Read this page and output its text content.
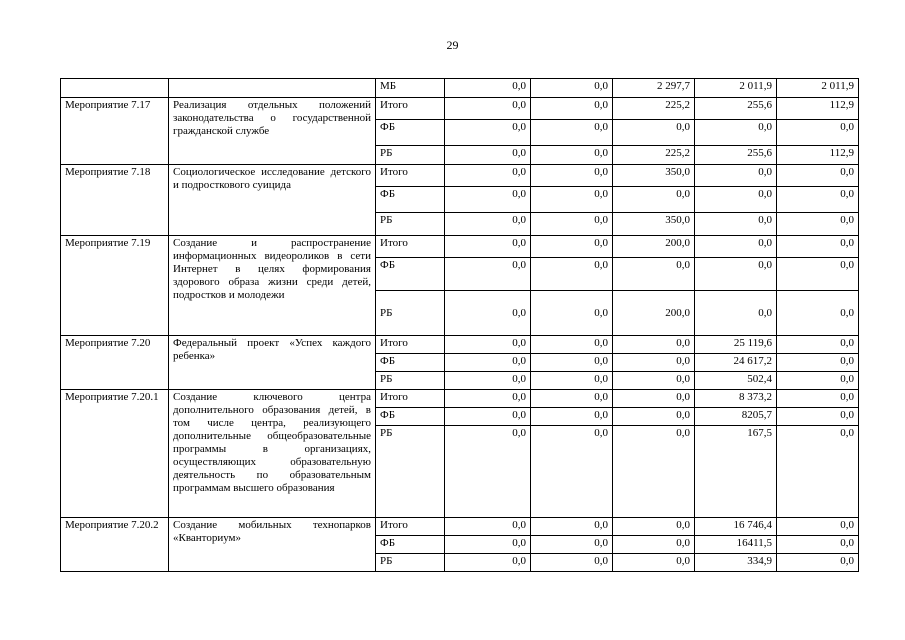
29
		МБ	0,0	0,0	2 297,7	2 011,9	2 011,9
Мероприятие 7.17	Реализация отдельных положений законодательства о государственной гражданской службе	Итого	0,0	0,0	225,2	255,6	112,9
		ФБ	0,0	0,0	0,0	0,0	0,0
		РБ	0,0	0,0	225,2	255,6	112,9
Мероприятие 7.18	Социологическое исследование детского и подросткового суицида	Итого	0,0	0,0	350,0	0,0	0,0
		ФБ	0,0	0,0	0,0	0,0	0,0
		РБ	0,0	0,0	350,0	0,0	0,0
Мероприятие 7.19	Создание и распространение информационных видеороликов в сети Интернет в целях формирования здорового образа жизни среди детей, подростков и молодежи	Итого	0,0	0,0	200,0	0,0	0,0
		ФБ	0,0	0,0	0,0	0,0	0,0
		РБ	0,0	0,0	200,0	0,0	0,0
Мероприятие 7.20	Федеральный проект «Успех каждого ребенка»	Итого	0,0	0,0	0,0	25 119,6	0,0
		ФБ	0,0	0,0	0,0	24 617,2	0,0
		РБ	0,0	0,0	0,0	502,4	0,0
Мероприятие 7.20.1	Создание ключевого центра дополнительного образования детей, в том числе центра, реализующего дополнительные общеобразовательные программы в организациях, осуществляющих образовательную деятельность по образовательным программам высшего образования	Итого	0,0	0,0	0,0	8 373,2	0,0
		ФБ	0,0	0,0	0,0	8205,7	0,0
		РБ	0,0	0,0	0,0	167,5	0,0
Мероприятие 7.20.2	Создание мобильных технопарков «Кванториум»	Итого	0,0	0,0	0,0	16 746,4	0,0
		ФБ	0,0	0,0	0,0	16411,5	0,0
		РБ	0,0	0,0	0,0	334,9	0,0
